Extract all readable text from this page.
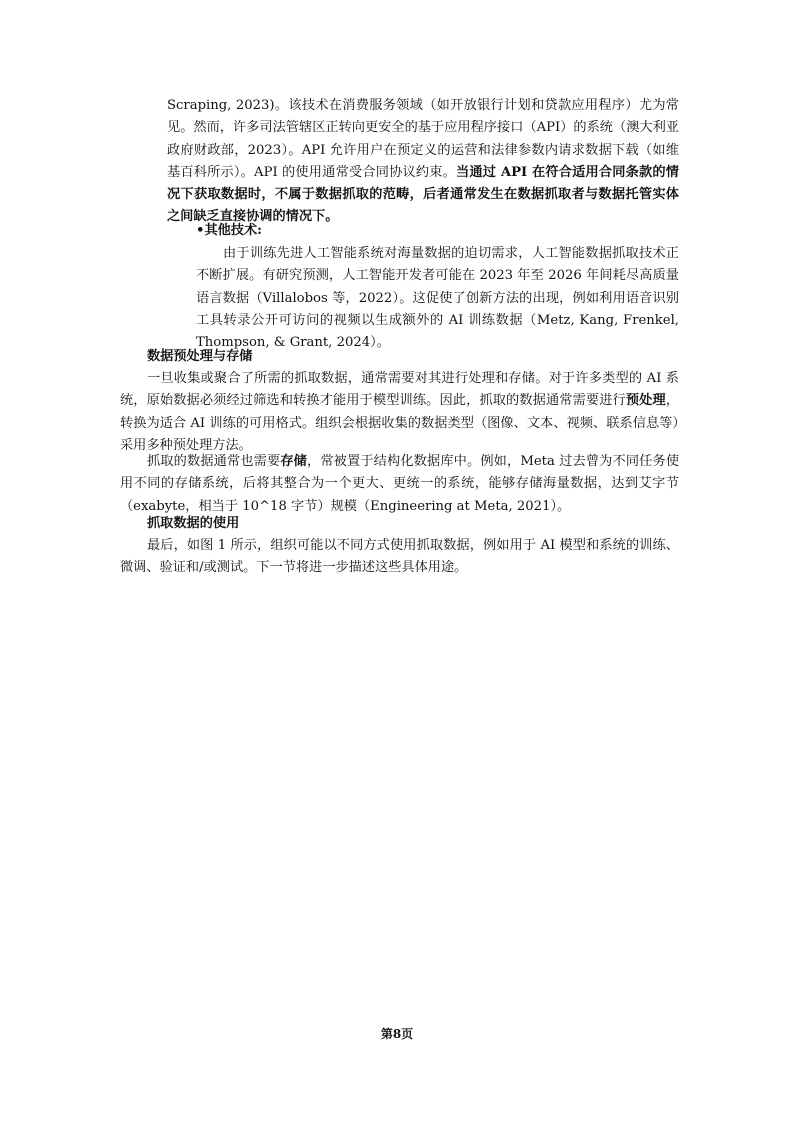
Scraping, 2023)。该技术在消费服务领域（如开放银行计划和贷款应用程序）尤为常见。然而，许多司法管辖区正转向更安全的基于应用程序接口（API）的系统（澳大利亚政府财政部，2023）。API 允许用户在预定义的运营和法律参数内请求数据下载（如维基百科所示）。API 的使用通常受合同协议约束。当通过 API 在符合适用合同条款的情况下获取数据时，不属于数据抓取的范畴，后者通常发生在数据抓取者与数据托管实体之间缺乏直接协调的情况下。

•其他技术:

由于训练先进人工智能系统对海量数据的迫切需求，人工智能数据抓取技术正不断扩展。有研究预测，人工智能开发者可能在 2023 年至 2026 年间耗尽高质量语言数据（Villalobos 等，2022）。这促使了创新方法的出现，例如利用语音识别工具转录公开可访问的视频以生成额外的 AI 训练数据（Metz, Kang, Frenkel, Thompson, & Grant, 2024）。

数据预处理与存储

一旦收集或聚合了所需的抓取数据，通常需要对其进行处理和存储。对于许多类型的 AI 系统，原始数据必须经过筛选和转换才能用于模型训练。因此，抓取的数据通常需要进行预处理，转换为适合 AI 训练的可用格式。组织会根据收集的数据类型（图像、文本、视频、联系信息等）采用多种预处理方法。

抓取的数据通常也需要存储，常被置于结构化数据库中。例如，Meta 过去曾为不同任务使用不同的存储系统，后将其整合为一个更大、更统一的系统，能够存储海量数据，达到艾字节（exabyte，相当于 10^18 字节）规模（Engineering at Meta, 2021）。

抓取数据的使用

最后，如图 1 所示，组织可能以不同方式使用抓取数据，例如用于 AI 模型和系统的训练、微调、验证和/或测试。下一节将进一步描述这些具体用途。

第8页
